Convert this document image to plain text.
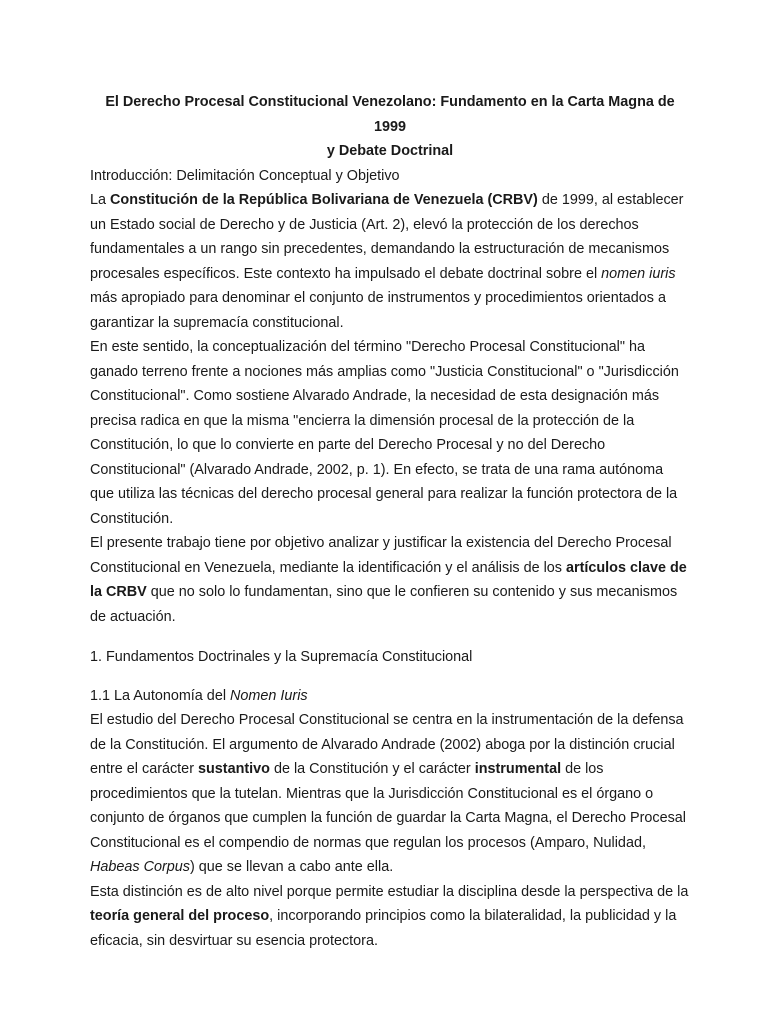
El Derecho Procesal Constitucional Venezolano: Fundamento en la Carta Magna de 1999
y Debate Doctrinal

Introducción: Delimitación Conceptual y Objetivo

La Constitución de la República Bolivariana de Venezuela (CRBV) de 1999, al establecer un Estado social de Derecho y de Justicia (Art. 2), elevó la protección de los derechos fundamentales a un rango sin precedentes, demandando la estructuración de mecanismos procesales específicos. Este contexto ha impulsado el debate doctrinal sobre el nomen iuris más apropiado para denominar el conjunto de instrumentos y procedimientos orientados a garantizar la supremacía constitucional.

En este sentido, la conceptualización del término "Derecho Procesal Constitucional" ha ganado terreno frente a nociones más amplias como "Justicia Constitucional" o "Jurisdicción Constitucional". Como sostiene Alvarado Andrade, la necesidad de esta designación más precisa radica en que la misma "encierra la dimensión procesal de la protección de la Constitución, lo que lo convierte en parte del Derecho Procesal y no del Derecho Constitucional" (Alvarado Andrade, 2002, p. 1). En efecto, se trata de una rama autónoma que utiliza las técnicas del derecho procesal general para realizar la función protectora de la Constitución.

El presente trabajo tiene por objetivo analizar y justificar la existencia del Derecho Procesal Constitucional en Venezuela, mediante la identificación y el análisis de los artículos clave de la CRBV que no solo lo fundamentan, sino que le confieren su contenido y sus mecanismos de actuación.

1. Fundamentos Doctrinales y la Supremacía Constitucional

1.1 La Autonomía del Nomen Iuris

El estudio del Derecho Procesal Constitucional se centra en la instrumentación de la defensa de la Constitución. El argumento de Alvarado Andrade (2002) aboga por la distinción crucial entre el carácter sustantivo de la Constitución y el carácter instrumental de los procedimientos que la tutelan. Mientras que la Jurisdicción Constitucional es el órgano o conjunto de órganos que cumplen la función de guardar la Carta Magna, el Derecho Procesal Constitucional es el compendio de normas que regulan los procesos (Amparo, Nulidad, Habeas Corpus) que se llevan a cabo ante ella.

Esta distinción es de alto nivel porque permite estudiar la disciplina desde la perspectiva de la teoría general del proceso, incorporando principios como la bilateralidad, la publicidad y la eficacia, sin desvirtuar su esencia protectora.
